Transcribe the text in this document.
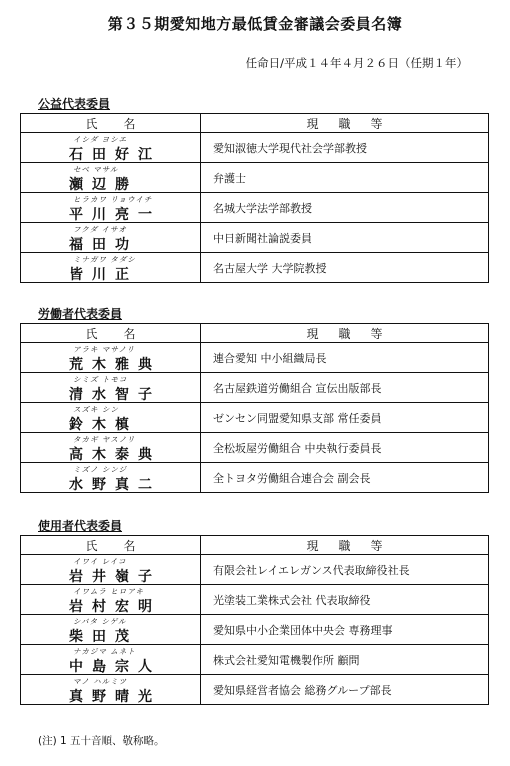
第３５期愛知地方最低賃金審議会委員名簿
任命日/平成１４年４月２６日（任期１年）
公益代表委員
氏名	現職等

イシダ ヨシエ
石田好江	愛知淑徳大学現代社会学部教授

セベ マサル
瀬辺勝	弁護士

ヒラカワ リョウイチ
平川亮一	名城大学法学部教授

フクダ イサオ
福田功	中日新聞社論説委員

ミナガワ タダシ
皆川正	名古屋大学 大学院教授
労働者代表委員
氏名	現職等

アラキ マサノリ
荒木雅典	連合愛知 中小組織局長

シミズ トモコ
清水智子	名古屋鉄道労働組合 宣伝出版部長

スズキ シン
鈴木槙	ゼンセン同盟愛知県支部 常任委員

タカギ ヤスノリ
高木泰典	全松坂屋労働組合 中央執行委員長

ミズノ シンジ
水野真二	全トヨタ労働組合連合会 副会長
使用者代表委員
氏名	現職等

イワイ レイコ
岩井嶺子	有限会社レイエレガンス代表取締役社長

イワムラ ヒロアキ
岩村宏明	光塗装工業株式会社 代表取締役

シバタ シゲル
柴田茂	愛知県中小企業団体中央会 専務理事

ナカジマ ムネト
中島宗人	株式会社愛知電機製作所 顧問

マノ ハルミツ
真野晴光	愛知県経営者協会 総務グループ部長
(注) 1 五十音順、敬称略。
